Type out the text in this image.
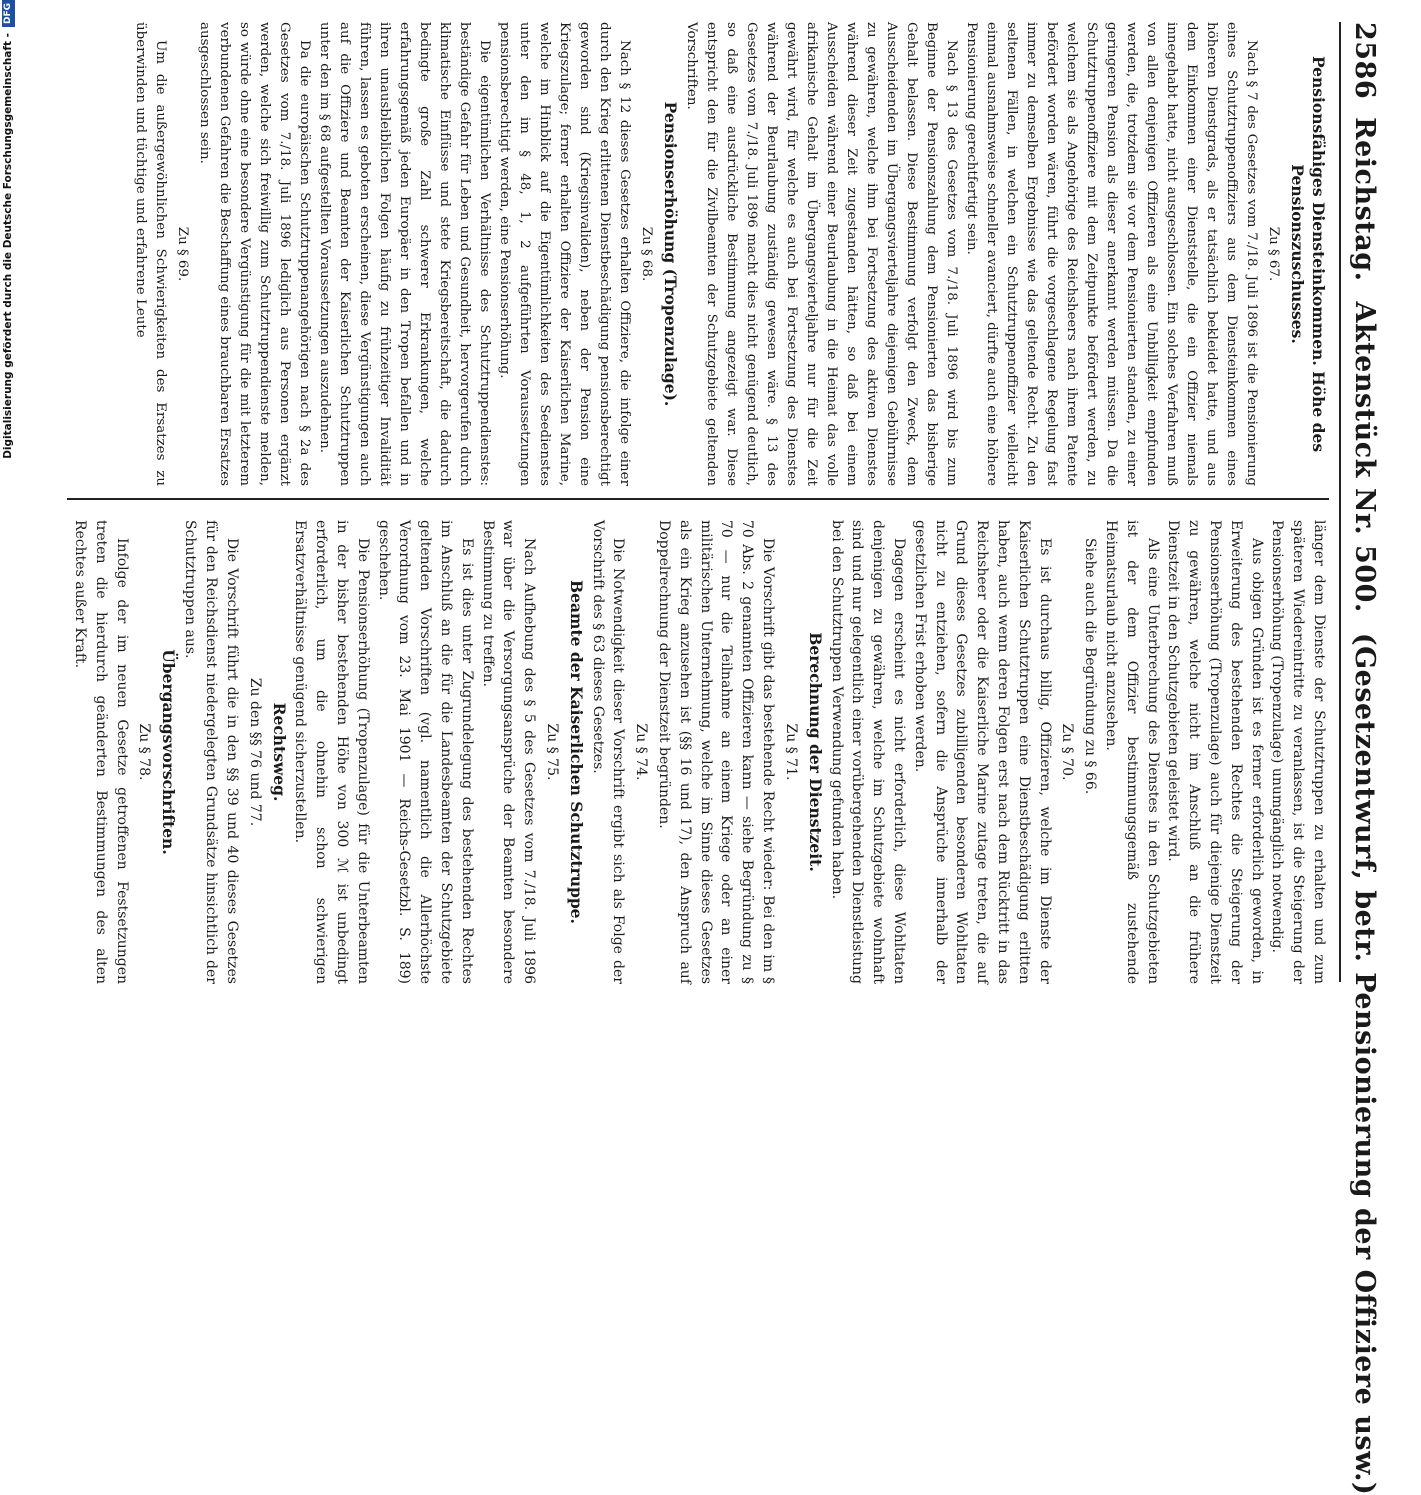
2586
Reichstag.
Aktenstück Nr. 500.
(Gesetzentwurf, betr. Pensionierung der Offiziere usw.)
Pensionsfähiges Diensteinkommen. Höhe des Pensionszuschusses.

Zu § 67.

Nach § 7 des Gesetzes vom 7./18. Juli 1896 ist die Pensionierung eines Schutztruppenoffiziers aus dem Diensteinkommen eines höheren Dienstgrads, als er tatsächlich bekleidet hatte, und aus dem Einkommen einer Dienststelle, die ein Offizier niemals innegehabt hatte, nicht ausgeschlossen. Ein solches Verfahren muß von allen denjenigen Offizieren als eine Unbilligkeit empfunden werden, die, trotzdem sie vor dem Pensionierten standen, zu einer geringeren Pension als dieser anerkannt werden müssen. Da die Schutztruppenoffiziere mit dem Zeitpunkte befördert werden, zu welchem sie als Angehörige des Reichsheers nach ihrem Patente befördert worden wären, führt die vorgeschlagene Regelung fast immer zu demselben Ergebnisse wie das geltende Recht. Zu den seltenen Fällen, in welchen ein Schutztruppenoffizier vielleicht einmal ausnahmsweise schneller avanciert, dürfte auch eine höhere Pensionierung gerechtfertigt sein.

Nach § 13 des Gesetzes vom 7./18. Juli 1896 wird bis zum Beginne der Pensionszahlung dem Pensionierten das bisherige Gehalt belassen. Diese Bestimmung verfolgt den Zweck, dem Ausscheidenden im Übergangsvierteljahre diejenigen Gebührnisse zu gewähren, welche ihm bei Fortsetzung des aktiven Dienstes während dieser Zeit zugestanden hätten, so daß bei einem Ausscheiden während einer Beurlaubung in die Heimat das volle afrikanische Gehalt im Übergangsvierteljahre nur für die Zeit gewährt wird, für welche es auch bei Fortsetzung des Dienstes während der Beurlaubung zuständig gewesen wäre. § 13 des Gesetzes vom 7./18. Juli 1896 macht dies nicht genügend deutlich, so daß eine ausdrückliche Bestimmung angezeigt war. Diese entspricht den für die Zivilbeamten der Schutzgebiete geltenden Vorschriften.

Pensionserhöhung (Tropenzulage).

Zu § 68.

Nach § 12 dieses Gesetzes erhalten Offiziere, die infolge einer durch den Krieg erlittenen Dienstbeschädigung pensionsberechtigt geworden sind (Kriegsinvaliden), neben der Pension eine Kriegszulage; ferner erhalten Offiziere der Kaiserlichen Marine, welche im Hinblick auf die Eigentümlichkeiten des Seedienstes unter den im § 48, 1, 2 aufgeführten Voraussetzungen pensionsberechtigt werden, eine Pensionserhöhung.

Die eigentümlichen Verhältnisse des Schutztruppendienstes: beständige Gefahr für Leben und Gesundheit, hervorgerufen durch klimatische Einflüsse und stete Kriegsbereitschaft, die dadurch bedingte große Zahl schwerer Erkrankungen, welche erfahrungsgemäß jeden Europäer in den Tropen befallen und in ihren unausbleiblichen Folgen häufig zu frühzeitiger Invalidität führen, lassen es geboten erscheinen, diese Vergünstigungen auch auf die Offiziere und Beamten der Kaiserlichen Schutztruppen unter den im § 68 aufgestellten Voraussetzungen auszudehnen.

Da die europäischen Schutztruppenangehörigen nach § 2a des Gesetzes vom 7./18. Juli 1896 lediglich aus Personen ergänzt werden, welche sich freiwillig zum Schutztruppendienste melden, so würde ohne eine besondere Vergünstigung für die mit letzterem verbundenen Gefahren die Beschaffung eines brauchbaren Ersatzes ausgeschlossen sein.

Zu § 69.

Um die außergewöhnlichen Schwierigkeiten des Ersatzes zu überwinden und tüchtige und erfahrene Leute

länger dem Dienste der Schutztruppen zu erhalten und zum späteren Wiedereintritte zu veranlassen, ist die Steigerung der Pensionserhöhung (Tropenzulage) unumgänglich notwendig.

Aus obigen Gründen ist es ferner erforderlich geworden, in Erweiterung des bestehenden Rechtes die Steigerung der Pensionserhöhung (Tropenzulage) auch für diejenige Dienstzeit zu gewähren, welche nicht im Anschluß an die frühere Dienstzeit in den Schutzgebieten geleistet wird.

Als eine Unterbrechung des Dienstes in den Schutzgebieten ist der dem Offizier bestimmungsgemäß zustehende Heimatsurlaub nicht anzusehen.

Siehe auch die Begründung zu § 66.

Zu § 70.

Es ist durchaus billig, Offizieren, welche im Dienste der Kaiserlichen Schutztruppen eine Dienstbeschädigung erlitten haben, auch wenn deren Folgen erst nach dem Rücktritt in das Reichsheer oder die Kaiserliche Marine zutage treten, die auf Grund dieses Gesetzes zubilligenden besonderen Wohltaten nicht zu entziehen, sofern die Ansprüche innerhalb der gesetzlichen Frist erhoben werden.

Dagegen erscheint es nicht erforderlich, diese Wohltaten denjenigen zu gewähren, welche im Schutzgebiete wohnhaft sind und nur gelegentlich einer vorübergehenden Dienstleistung bei den Schutztruppen Verwendung gefunden haben.

Berechnung der Dienstzeit.

Zu § 71.

Die Vorschrift gibt das bestehende Recht wieder: Bei den im § 70 Abs. 2 genannten Offizieren kann — siehe Begründung zu § 70 — nur die Teilnahme an einem Kriege oder an einer militärischen Unternehmung, welche im Sinne dieses Gesetzes als ein Krieg anzusehen ist (§§ 16 und 17), den Anspruch auf Doppelrechnung der Dienstzeit begründen.

Zu § 74.

Die Notwendigkeit dieser Vorschrift ergibt sich als Folge der Vorschrift des § 63 dieses Gesetzes.

Beamte der Kaiserlichen Schutztruppe.

Zu § 75.

Nach Aufhebung des § 5 des Gesetzes vom 7./18. Juli 1896 war über die Versorgungsansprüche der Beamten besondere Bestimmung zu treffen.

Es ist dies unter Zugrundelegung des bestehenden Rechtes im Anschluß an die für die Landesbeamten der Schutzgebiete geltenden Vorschriften (vgl. namentlich die Allerhöchste Verordnung vom 23. Mai 1901 — Reichs-Gesetzbl. S. 189) geschehen.

Die Pensionserhöhung (Tropenzulage) für die Unterbeamten in der bisher bestehenden Höhe von 300 ℳ ist unbedingt erforderlich, um die ohnehin schon schwierigen Ersatzverhältnisse genügend sicherzustellen.

Rechtsweg.

Zu den §§ 76 und 77.

Die Vorschrift führt die in den §§ 39 und 40 dieses Gesetzes für den Reichsdienst niedergelegten Grundsätze hinsichtlich der Schutztruppen aus.

Übergangsvorschriften.

Zu § 78.

Infolge der im neuen Gesetze getroffenen Festsetzungen treten die hierdurch geänderten Bestimmungen des alten Rechtes außer Kraft.

Digitalisierung gefördert durch die Deutsche Forschungsgemeinschaft -
DFG
